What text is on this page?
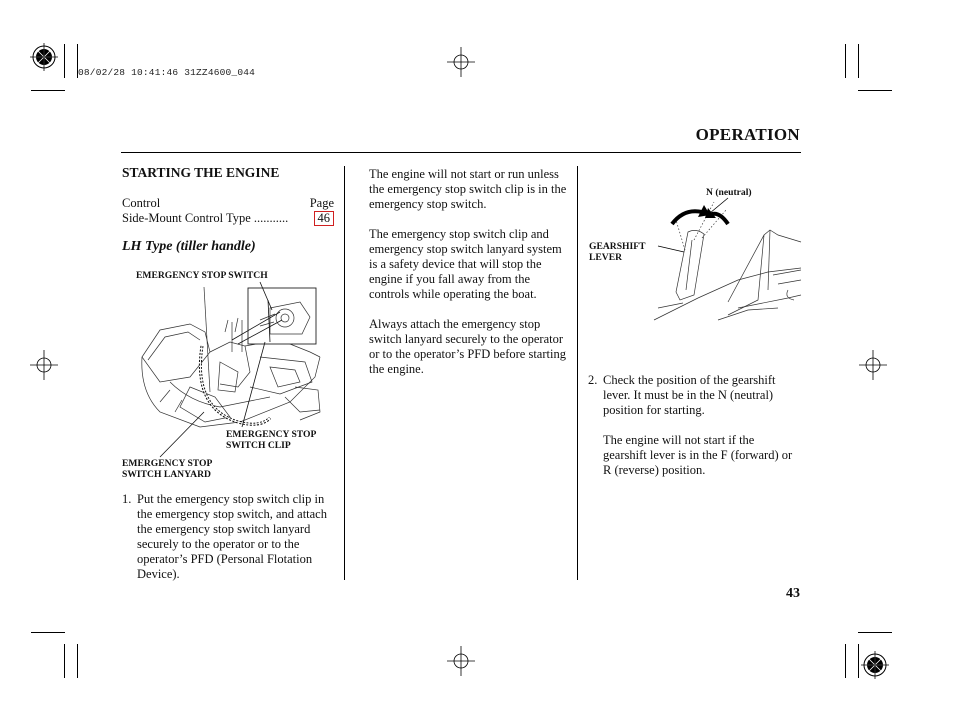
08/02/28 10:41:46 31ZZ4600_044
OPERATION
STARTING THE ENGINE
Control	Page
Side-Mount Control Type ...........	46
LH Type (tiller handle)
EMERGENCY STOP SWITCH
EMERGENCY STOP
SWITCH CLIP
EMERGENCY STOP
SWITCH LANYARD
1. Put the emergency stop switch clip in the emergency stop switch, and attach the emergency stop switch lanyard securely to the operator or to the operator’s PFD (Personal Flotation Device).

The engine will not start or run unless the emergency stop switch clip is in the emergency stop switch.

The emergency stop switch clip and emergency stop switch lanyard system is a safety device that will stop the engine if you fall away from the controls while operating the boat.

Always attach the emergency stop switch lanyard securely to the operator or to the operator’s PFD before starting the engine.

N (neutral)
GEARSHIFT
LEVER
2. Check the position of the gearshift lever. It must be in the N (neutral) position for starting.

The engine will not start if the gearshift lever is in the F (forward) or R (reverse) position.

43
